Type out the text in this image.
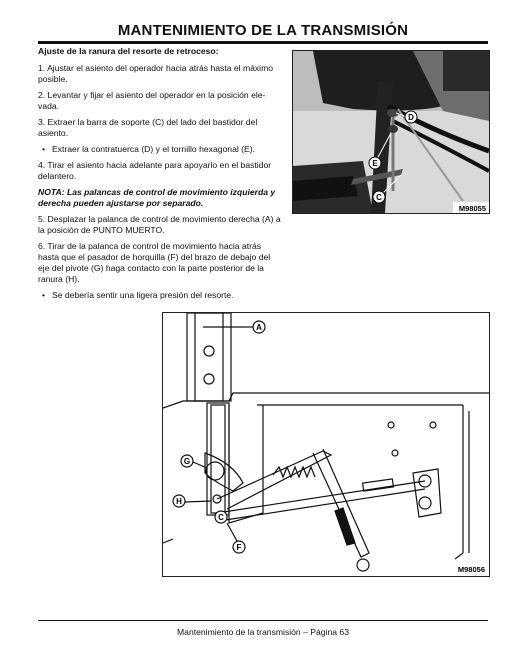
MANTENIMIENTO DE LA TRANSMISIÓN

Ajuste de la ranura del resorte de retroceso:

1. Ajustar el asiento del operador hacia atrás hasta el máximo posible.

2. Levantar y fijar el asiento del operador en la posición ele-vada.

3. Extraer la barra de soporte (C) del lado del bastidor del asiento.

• Extraer la contratuerca (D) y el tornillo hexagonal (E).

4. Tirar el asiento hacia adelante para apoyarlo en el bastidor delantero.

NOTA: Las palancas de control de movimiento izquierda y derecha pueden ajustarse por separado.

5. Desplazar la palanca de control de movimiento derecha (A) a la posición de PUNTO MUERTO.

6. Tirar de la palanca de control de movimiento hacia atrás hasta que el pasador de horquilla (F) del brazo de debajo del eje del pivote (G) haga contacto con la parte posterior de la ranura (H).

• Se debería sentir una ligera presión del resorte.

D
E
C
M98055
A
G
H
C
F
M98056
Mantenimiento de la transmisión – Página 63
